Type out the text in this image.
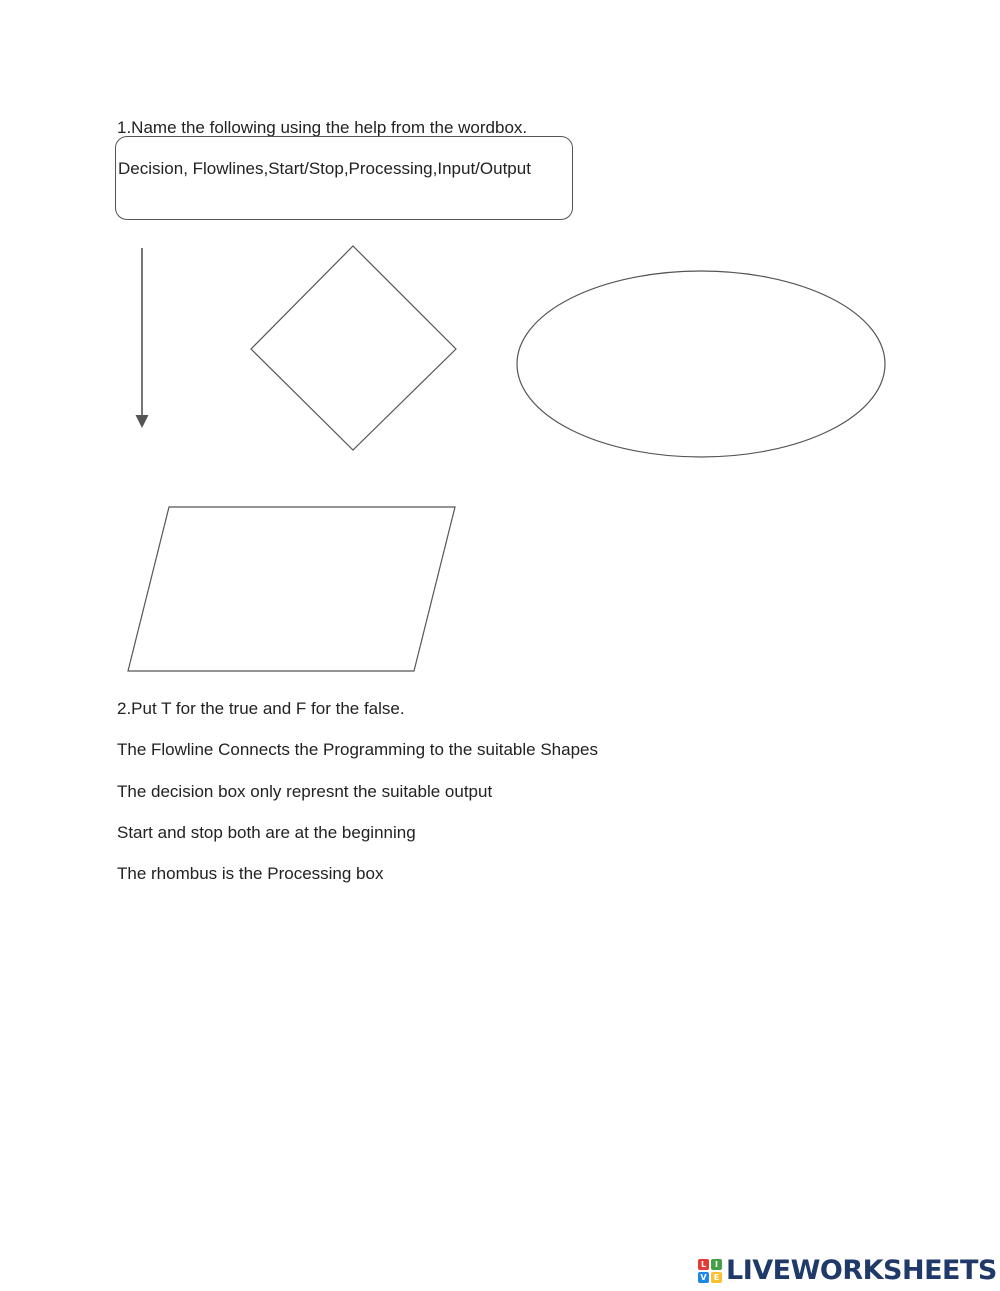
1.Name the following using the help from the wordbox.
Decision, Flowlines,Start/Stop,Processing,Input/Output
2.Put T for the true and F for the false.
The Flowline Connects the Programming to the suitable Shapes
The decision box only represnt the suitable output
Start and stop both are at the beginning
The rhombus is the Processing box
L	I
V E LIVEWORKSHEETS
